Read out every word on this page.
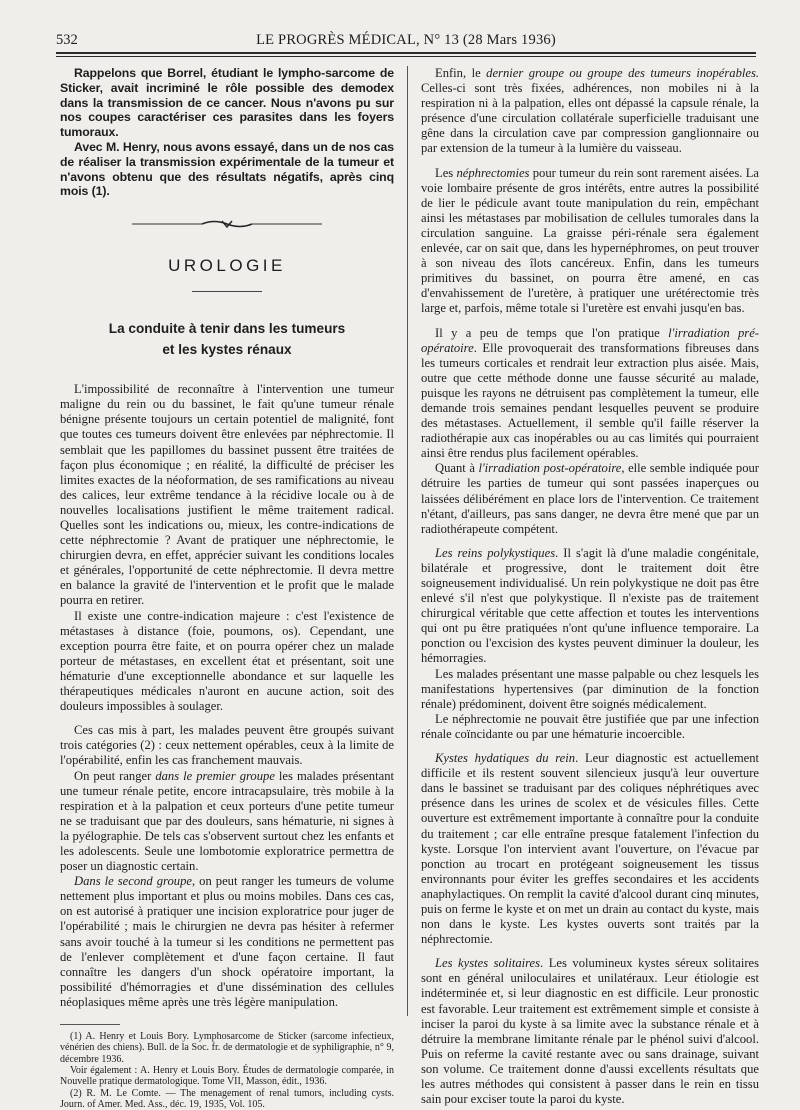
532	LE PROGRÈS MÉDICAL, N° 13 (28 Mars 1936)

Rappelons que Borrel, étudiant le lympho-sarcome de Sticker, avait incriminé le rôle possible des demodex dans la transmission de ce cancer. Nous n'avons pu sur nos coupes caractériser ces parasites dans les foyers tumoraux.

Avec M. Henry, nous avons essayé, dans un de nos cas de réaliser la transmission expérimentale de la tumeur et n'avons obtenu que des résultats négatifs, après cinq mois (1).

UROLOGIE
La conduite à tenir dans les tumeurs
et les kystes rénaux

L'impossibilité de reconnaître à l'intervention une tumeur maligne du rein ou du bassinet, le fait qu'une tumeur rénale bénigne présente toujours un certain potentiel de malignité, font que toutes ces tumeurs doivent être enlevées par néphrectomie. Il semblait que les papillomes du bassinet pussent être traitées de façon plus économique ; en réalité, la difficulté de préciser les limites exactes de la néoformation, de ses ramifications au niveau des calices, leur extrême tendance à la récidive locale ou à de nouvelles localisations justifient le même traitement radical. Quelles sont les indications ou, mieux, les contre-indications de cette néphrectomie ? Avant de pratiquer une néphrectomie, le chirurgien devra, en effet, apprécier suivant les conditions locales et générales, l'opportunité de cette néphrectomie. Il devra mettre en balance la gravité de l'intervention et le profit que le malade pourra en retirer.

Il existe une contre-indication majeure : c'est l'existence de métastases à distance (foie, poumons, os). Cependant, une exception pourra être faite, et on pourra opérer chez un malade porteur de métastases, en excellent état et présentant, soit une hématurie d'une exceptionnelle abondance et sur laquelle les thérapeutiques médicales n'auront en aucune action, soit des douleurs impossibles à soulager.

Ces cas mis à part, les malades peuvent être groupés suivant trois catégories (2) : ceux nettement opérables, ceux à la limite de l'opérabilité, enfin les cas franchement mauvais.

On peut ranger dans le premier groupe les malades présentant une tumeur rénale petite, encore intracapsulaire, très mobile à la respiration et à la palpation et ceux porteurs d'une petite tumeur ne se traduisant que par des douleurs, sans hématurie, ni signes à la pyélographie. De tels cas s'observent surtout chez les enfants et les adolescents. Seule une lombotomie exploratrice permettra de poser un diagnostic certain.

Dans le second groupe, on peut ranger les tumeurs de volume nettement plus important et plus ou moins mobiles. Dans ces cas, on est autorisé à pratiquer une incision exploratrice pour juger de l'opérabilité ; mais le chirurgien ne devra pas hésiter à refermer sans avoir touché à la tumeur si les conditions ne permettent pas de l'enlever complètement et d'une façon certaine. Il faut connaître les dangers d'un shock opératoire important, la possibilité d'hémorragies et d'une dissémination des cellules néoplasiques même après une très légère manipulation.

(1) A. Henry et Louis Bory. Lymphosarcome de Sticker (sarcome infectieux, vénérien des chiens). Bull. de la Soc. fr. de dermatologie et de syphiligraphie, n° 9, décembre 1936.

Voir également : A. Henry et Louis Bory. Études de dermatologie comparée, in Nouvelle pratique dermatologique. Tome VII, Masson, édit., 1936.

(2) R. M. Le Comte. — The menagement of renal tumors, including cysts. Journ. of Amer. Med. Ass., déc. 19, 1935, Vol. 105.

Enfin, le dernier groupe ou groupe des tumeurs inopérables. Celles-ci sont très fixées, adhérences, non mobiles ni à la respiration ni à la palpation, elles ont dépassé la capsule rénale, la présence d'une circulation collatérale superficielle traduisant une gêne dans la circulation cave par compression ganglionnaire ou par extension de la tumeur à la lumière du vaisseau.

Les néphrectomies pour tumeur du rein sont rarement aisées. La voie lombaire présente de gros intérêts, entre autres la possibilité de lier le pédicule avant toute manipulation du rein, empêchant ainsi les métastases par mobilisation de cellules tumorales dans la circulation sanguine. La graisse péri-rénale sera également enlevée, car on sait que, dans les hypernéphromes, on peut trouver à son niveau des îlots cancéreux. Enfin, dans les tumeurs primitives du bassinet, on pourra être amené, en cas d'envahissement de l'uretère, à pratiquer une urétérectomie très large et, parfois, même totale si l'uretère est envahi jusqu'en bas.

Il y a peu de temps que l'on pratique l'irradiation pré-opératoire. Elle provoquerait des transformations fibreuses dans les tumeurs corticales et rendrait leur extraction plus aisée. Mais, outre que cette méthode donne une fausse sécurité au malade, puisque les rayons ne détruisent pas complètement la tumeur, elle demande trois semaines pendant lesquelles peuvent se produire des métastases. Actuellement, il semble qu'il faille réserver la radiothérapie aux cas inopérables ou au cas limités qui pourraient ainsi être rendus plus facilement opérables.

Quant à l'irradiation post-opératoire, elle semble indiquée pour détruire les parties de tumeur qui sont passées inaperçues ou laissées délibérément en place lors de l'intervention. Ce traitement n'étant, d'ailleurs, pas sans danger, ne devra être mené que par un radiothérapeute compétent.

Les reins polykystiques. Il s'agit là d'une maladie congénitale, bilatérale et progressive, dont le traitement doit être soigneusement individualisé. Un rein polykystique ne doit pas être enlevé s'il n'est que polykystique. Il n'existe pas de traitement chirurgical véritable que cette affection et toutes les interventions qui ont pu être pratiquées n'ont qu'une influence temporaire. La ponction ou l'excision des kystes peuvent diminuer la douleur, les hémorragies.

Les malades présentant une masse palpable ou chez lesquels les manifestations hypertensives (par diminution de la fonction rénale) prédominent, doivent être soignés médicalement.

Le néphrectomie ne pouvait être justifiée que par une infection rénale coïncidante ou par une hématurie incoercible.

Kystes hydatiques du rein. Leur diagnostic est actuellement difficile et ils restent souvent silencieux jusqu'à leur ouverture dans le bassinet se traduisant par des coliques néphrétiques avec présence dans les urines de scolex et de vésicules filles. Cette ouverture est extrêmement importante à connaître pour la conduite du traitement ; car elle entraîne presque fatalement l'infection du kyste. Lorsque l'on intervient avant l'ouverture, on l'évacue par ponction au trocart en protégeant soigneusement les tissus environnants pour éviter les greffes secondaires et les accidents anaphylactiques. On remplit la cavité d'alcool durant cinq minutes, puis on ferme le kyste et on met un drain au contact du kyste, mais non dans le kyste. Les kystes ouverts sont traités par la néphrectomie.

Les kystes solitaires. Les volumineux kystes séreux solitaires sont en général uniloculaires et unilatéraux. Leur étiologie est indéterminée et, si leur diagnostic en est difficile. Leur pronostic est favorable. Leur traitement est extrêmement simple et consiste à inciser la paroi du kyste à sa limite avec la substance rénale et à détruire la membrane limitante rénale par le phénol suivi d'alcool. Puis on referme la cavité restante avec ou sans drainage, suivant son volume. Ce traitement donne d'aussi excellents résultats que les autres méthodes qui consistent à passer dans le rein en tissu sain pour exciser toute la paroi du kyste.
